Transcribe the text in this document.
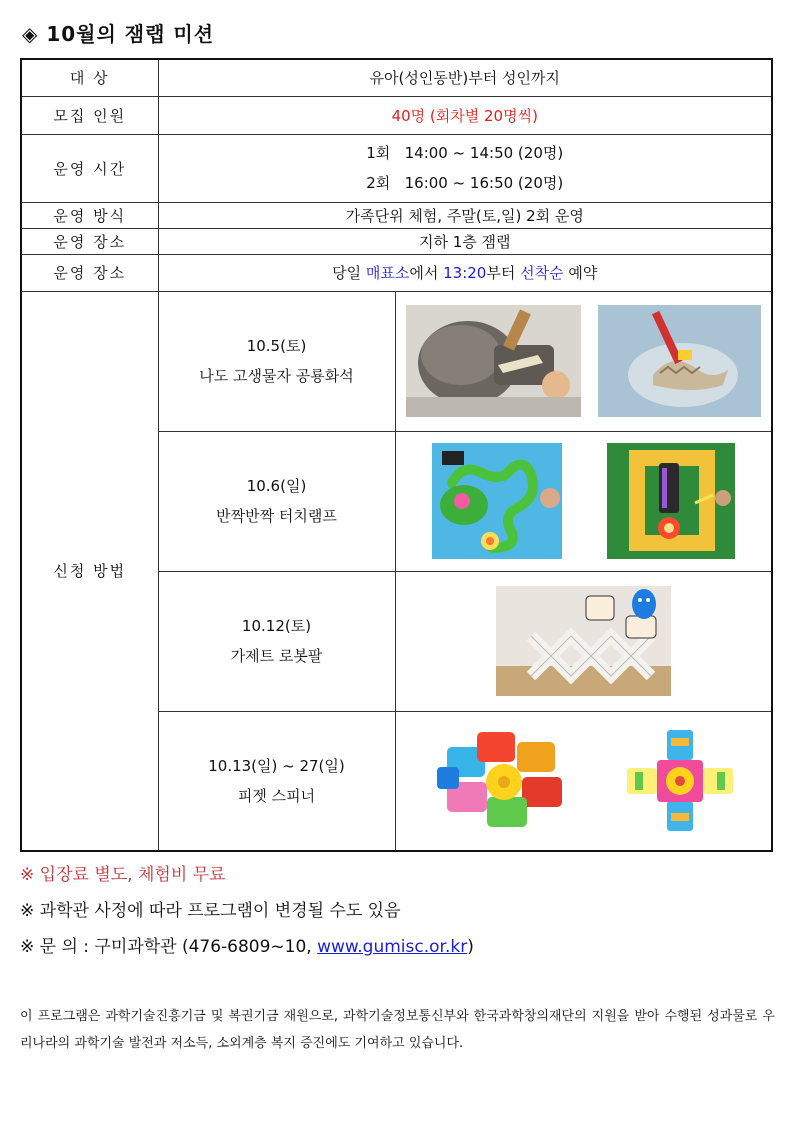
◈ 10월의 잼랩 미션
대 상	유아(성인동반)부터 성인까지	
모집 인원	40명 (회차별 20명씩)	
운영 시간	1회   14:00 ~ 14:50 (20명)
2회   16:00 ~ 16:50 (20명)	

운영 방식	가족단위 체험, 주말(토,일) 2회 운영	
운영 장소	지하 1층 잼랩	
운영 장소	당일 매표소에서 13:20부터 선착순 예약	
신청 방법	10.5(토)
나도 고생물자 공룡화석

	10.6(일)
반짝반짝 터치램프

	10.12(토)
가제트 로봇팔

	10.13(일) ~ 27(일)
피젯 스피너

※ 입장료 별도, 체험비 무료
※ 과학관 사정에 따라 프로그램이 변경될 수도 있음
※ 문 의 : 구미과학관 (476-6809~10, www.gumisc.or.kr)
이 프로그램은 과학기술진흥기금 및 복권기금 재원으로, 과학기술정보통신부와 한국과학창의재단의 지원을 받아 수행된 성과물로 우리나라의 과학기술 발전과 저소득, 소외계층 복지 증진에도 기여하고 있습니다.
